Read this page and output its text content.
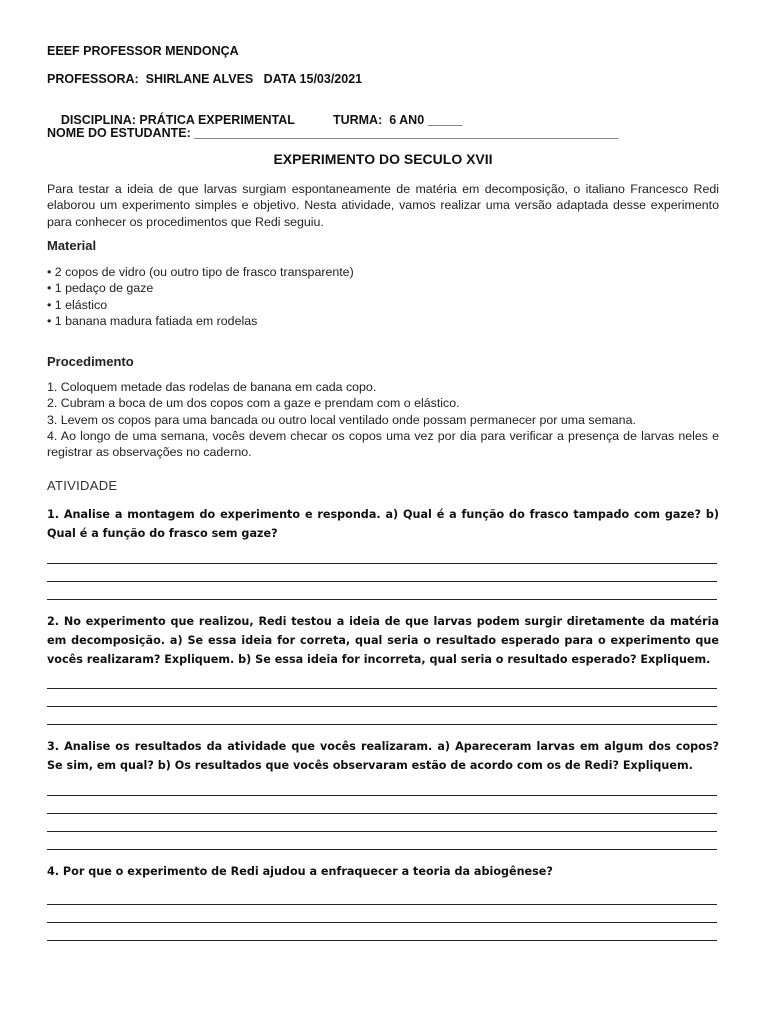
EEEF PROFESSOR MENDONÇA
PROFESSORA:  SHIRLANE ALVES   DATA 15/03/2021

DISCIPLINA: PRÁTICA EXPERIMENTAL	TURMA:  6 AN0 _____

NOME DO ESTUDANTE: _____________________________________________________________
EXPERIMENTO DO SECULO XVII
Para testar a ideia de que larvas surgiam espontaneamente de matéria em decomposição, o italiano Francesco Redi elaborou um experimento simples e objetivo. Nesta atividade, vamos realizar uma versão adaptada desse experimento para conhecer os procedimentos que Redi seguiu.
Material
• 2 copos de vidro (ou outro tipo de frasco transparente)
• 1 pedaço de gaze
• 1 elástico
• 1 banana madura fatiada em rodelas
Procedimento
1. Coloquem metade das rodelas de banana em cada copo.
2. Cubram a boca de um dos copos com a gaze e prendam com o elástico.
3. Levem os copos para uma bancada ou outro local ventilado onde possam permanecer por uma semana.
4. Ao longo de uma semana, vocês devem checar os copos uma vez por dia para verificar a presença de larvas neles e registrar as observações no caderno.
ATIVIDADE
1. Analise a montagem do experimento e responda. a) Qual é a função do frasco tampado com gaze? b) Qual é a função do frasco sem gaze?
2. No experimento que realizou, Redi testou a ideia de que larvas podem surgir diretamente da matéria em decomposição. a) Se essa ideia for correta, qual seria o resultado esperado para o experimento que vocês realizaram? Expliquem. b) Se essa ideia for incorreta, qual seria o resultado esperado? Expliquem.
3. Analise os resultados da atividade que vocês realizaram. a) Apareceram larvas em algum dos copos? Se sim, em qual? b) Os resultados que vocês observaram estão de acordo com os de Redi? Expliquem.
4. Por que o experimento de Redi ajudou a enfraquecer a teoria da abiogênese?
